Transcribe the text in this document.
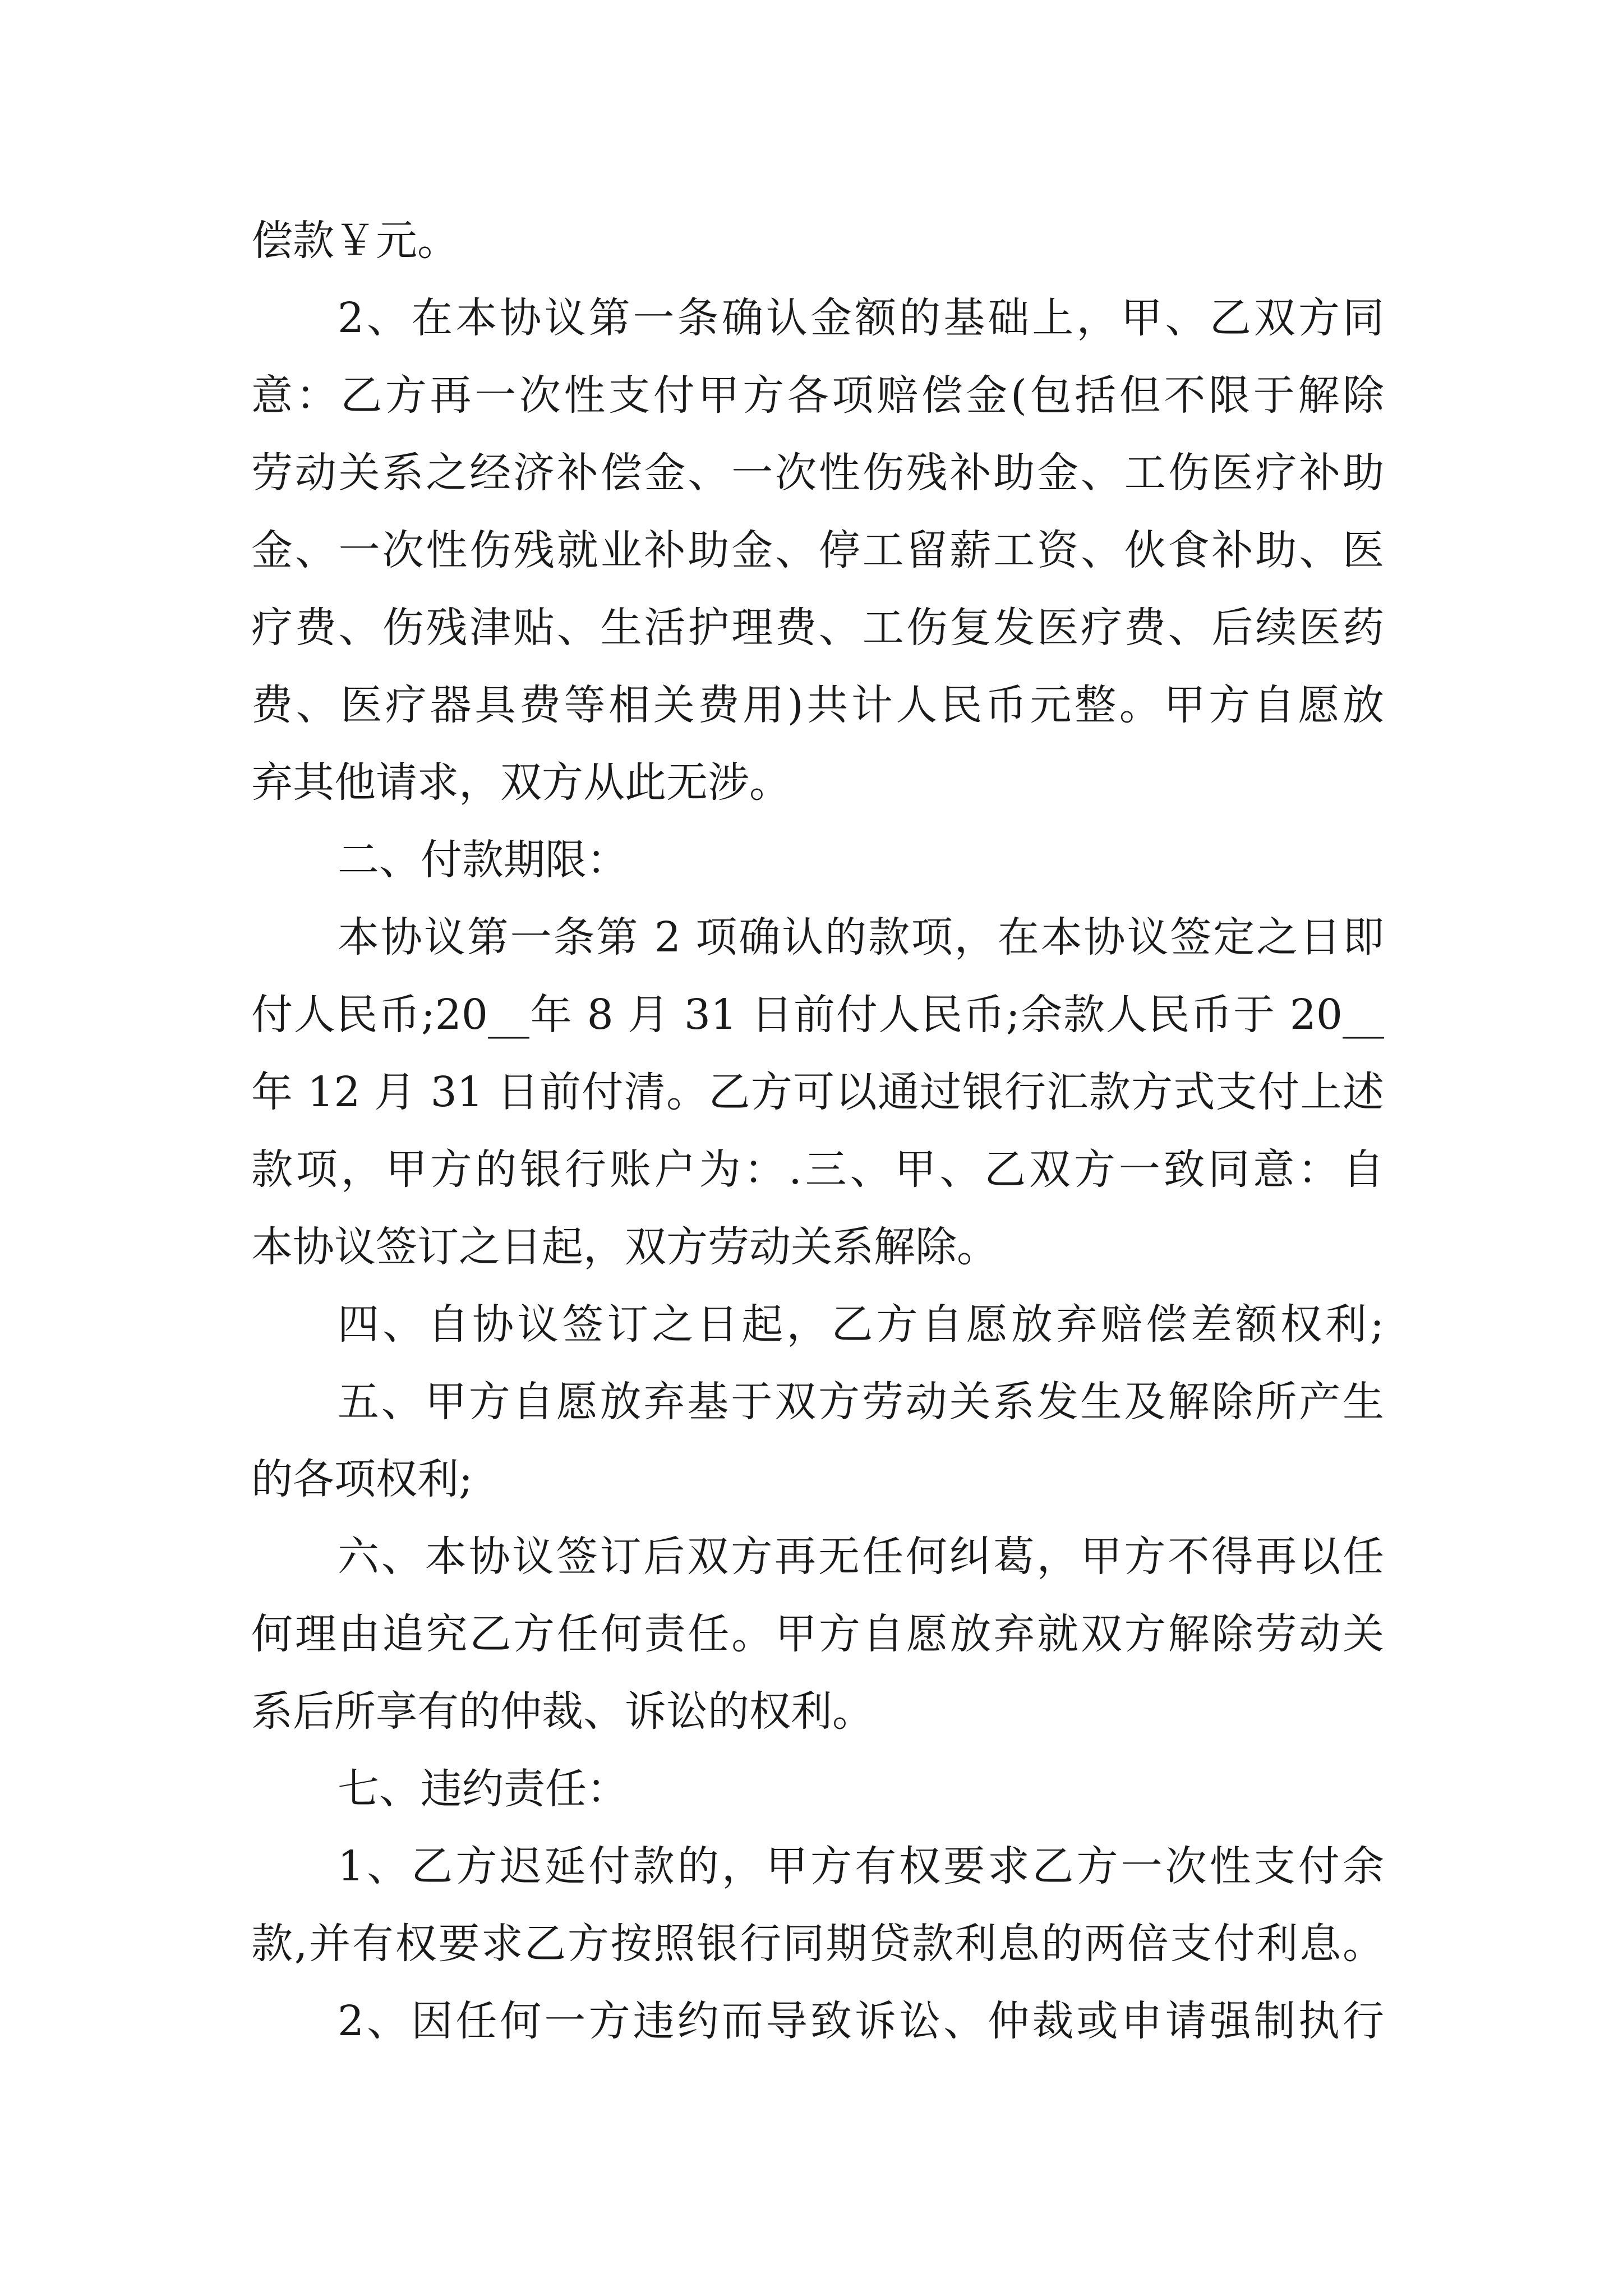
偿款￥元。
2、在本协议第一条确认金额的基础上，甲、乙双方同
意：乙方再一次性支付甲方各项赔偿金(包括但不限于解除
劳动关系之经济补偿金、一次性伤残补助金、工伤医疗补助
金、一次性伤残就业补助金、停工留薪工资、伙食补助、医
疗费、伤残津贴、生活护理费、工伤复发医疗费、后续医药
费、医疗器具费等相关费用)共计人民币元整。甲方自愿放
弃其他请求，双方从此无涉。
二、付款期限：
本协议第一条第 2 项确认的款项，在本协议签定之日即
付人民币;20__年 8 月 31 日前付人民币;余款人民币于 20__
年 12 月 31 日前付清。乙方可以通过银行汇款方式支付上述
款项，甲方的银行账户为：.三、甲、乙双方一致同意：自
本协议签订之日起，双方劳动关系解除。
四、自协议签订之日起，乙方自愿放弃赔偿差额权利;
五、甲方自愿放弃基于双方劳动关系发生及解除所产生
的各项权利;
六、本协议签订后双方再无任何纠葛，甲方不得再以任
何理由追究乙方任何责任。甲方自愿放弃就双方解除劳动关
系后所享有的仲裁、诉讼的权利。
七、违约责任：
1、乙方迟延付款的，甲方有权要求乙方一次性支付余
款,并有权要求乙方按照银行同期贷款利息的两倍支付利息。
2、因任何一方违约而导致诉讼、仲裁或申请强制执行
